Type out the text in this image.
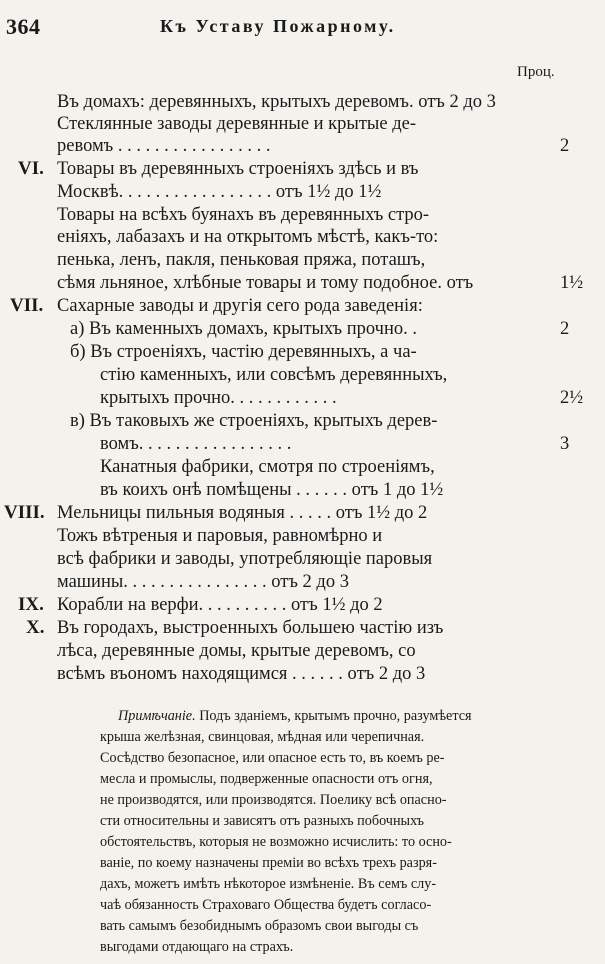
364	Къ Уставу Пожарному.
Проц.
Въ домахъ: деревянныхъ, крытыхъ деревомъ. отъ 2 до 3
Стеклянные заводы деревянные и крытые де-
ревомъ . . . . . . . . . . . . . . . . .	2
VI. Товары въ деревянныхъ строеніяхъ здѣсь и въ
Москвѣ. . . . . . . . . . . . . . . . . отъ 1½ до 1½
Товары на всѣхъ буянахъ въ деревянныхъ стро-
еніяхъ, лабазахъ и на открытомъ мѣстѣ, какъ-то:
пенька, ленъ, пакля, пеньковая пряжа, поташъ,
сѣмя льняное, хлѣбные товары и тому подобное. отъ	1½
VII. Сахарные заводы и другія сего рода заведенія:
а) Въ каменныхъ домахъ, крытыхъ прочно. .	2
б) Въ строеніяхъ, частію деревянныхъ, а ча-
стію каменныхъ, или совсѣмъ деревянныхъ,
крытыхъ прочно. . . . . . . . . . . .	2½
в) Въ таковыхъ же строеніяхъ, крытыхъ дерев-
вомъ. . . . . . . . . . . . . . . . .	3
Канатныя фабрики, смотря по строеніямъ,
въ коихъ онѣ помѣщены . . . . . . отъ 1 до 1½
VIII. Мельницы пильныя водяныя . . . . . отъ 1½ до 2
Тожъ вѣтреныя и паровыя, равномѣрно и
всѣ фабрики и заводы, употребляющіе паровыя
машины. . . . . . . . . . . . . . . . отъ 2 до 3
IX. Корабли на верфи. . . . . . . . . . отъ 1½ до 2
X. Въ городахъ, выстроенныхъ большею частію изъ
лѣса, деревянные домы, крытые деревомъ, со
всѣмъ въономъ находящимся . . . . . . отъ 2 до 3
Примѣчаніе. Подъ зданіемъ, крытымъ прочно, разумѣется
крыша желѣзная, свинцовая, мѣдная или черепичная.
Сосѣдство безопасное, или опасное есть то, въ коемъ ре-
месла и промыслы, подверженные опасности отъ огня,
не производятся, или производятся. Поелику всѣ опасно-
сти относительны и зависятъ отъ разныхъ побочныхъ
обстоятельствъ, которыя не возможно исчислить: то осно-
ваніе, по коему назначены преміи во всѣхъ трехъ разря-
дахъ, можетъ имѣть нѣкоторое измѣненіе. Въ семъ слу-
чаѣ обязанность Страховаго Общества будетъ согласо-
вать самымъ безобиднымъ образомъ свои выгоды съ
выгодами отдающаго на страхъ.
